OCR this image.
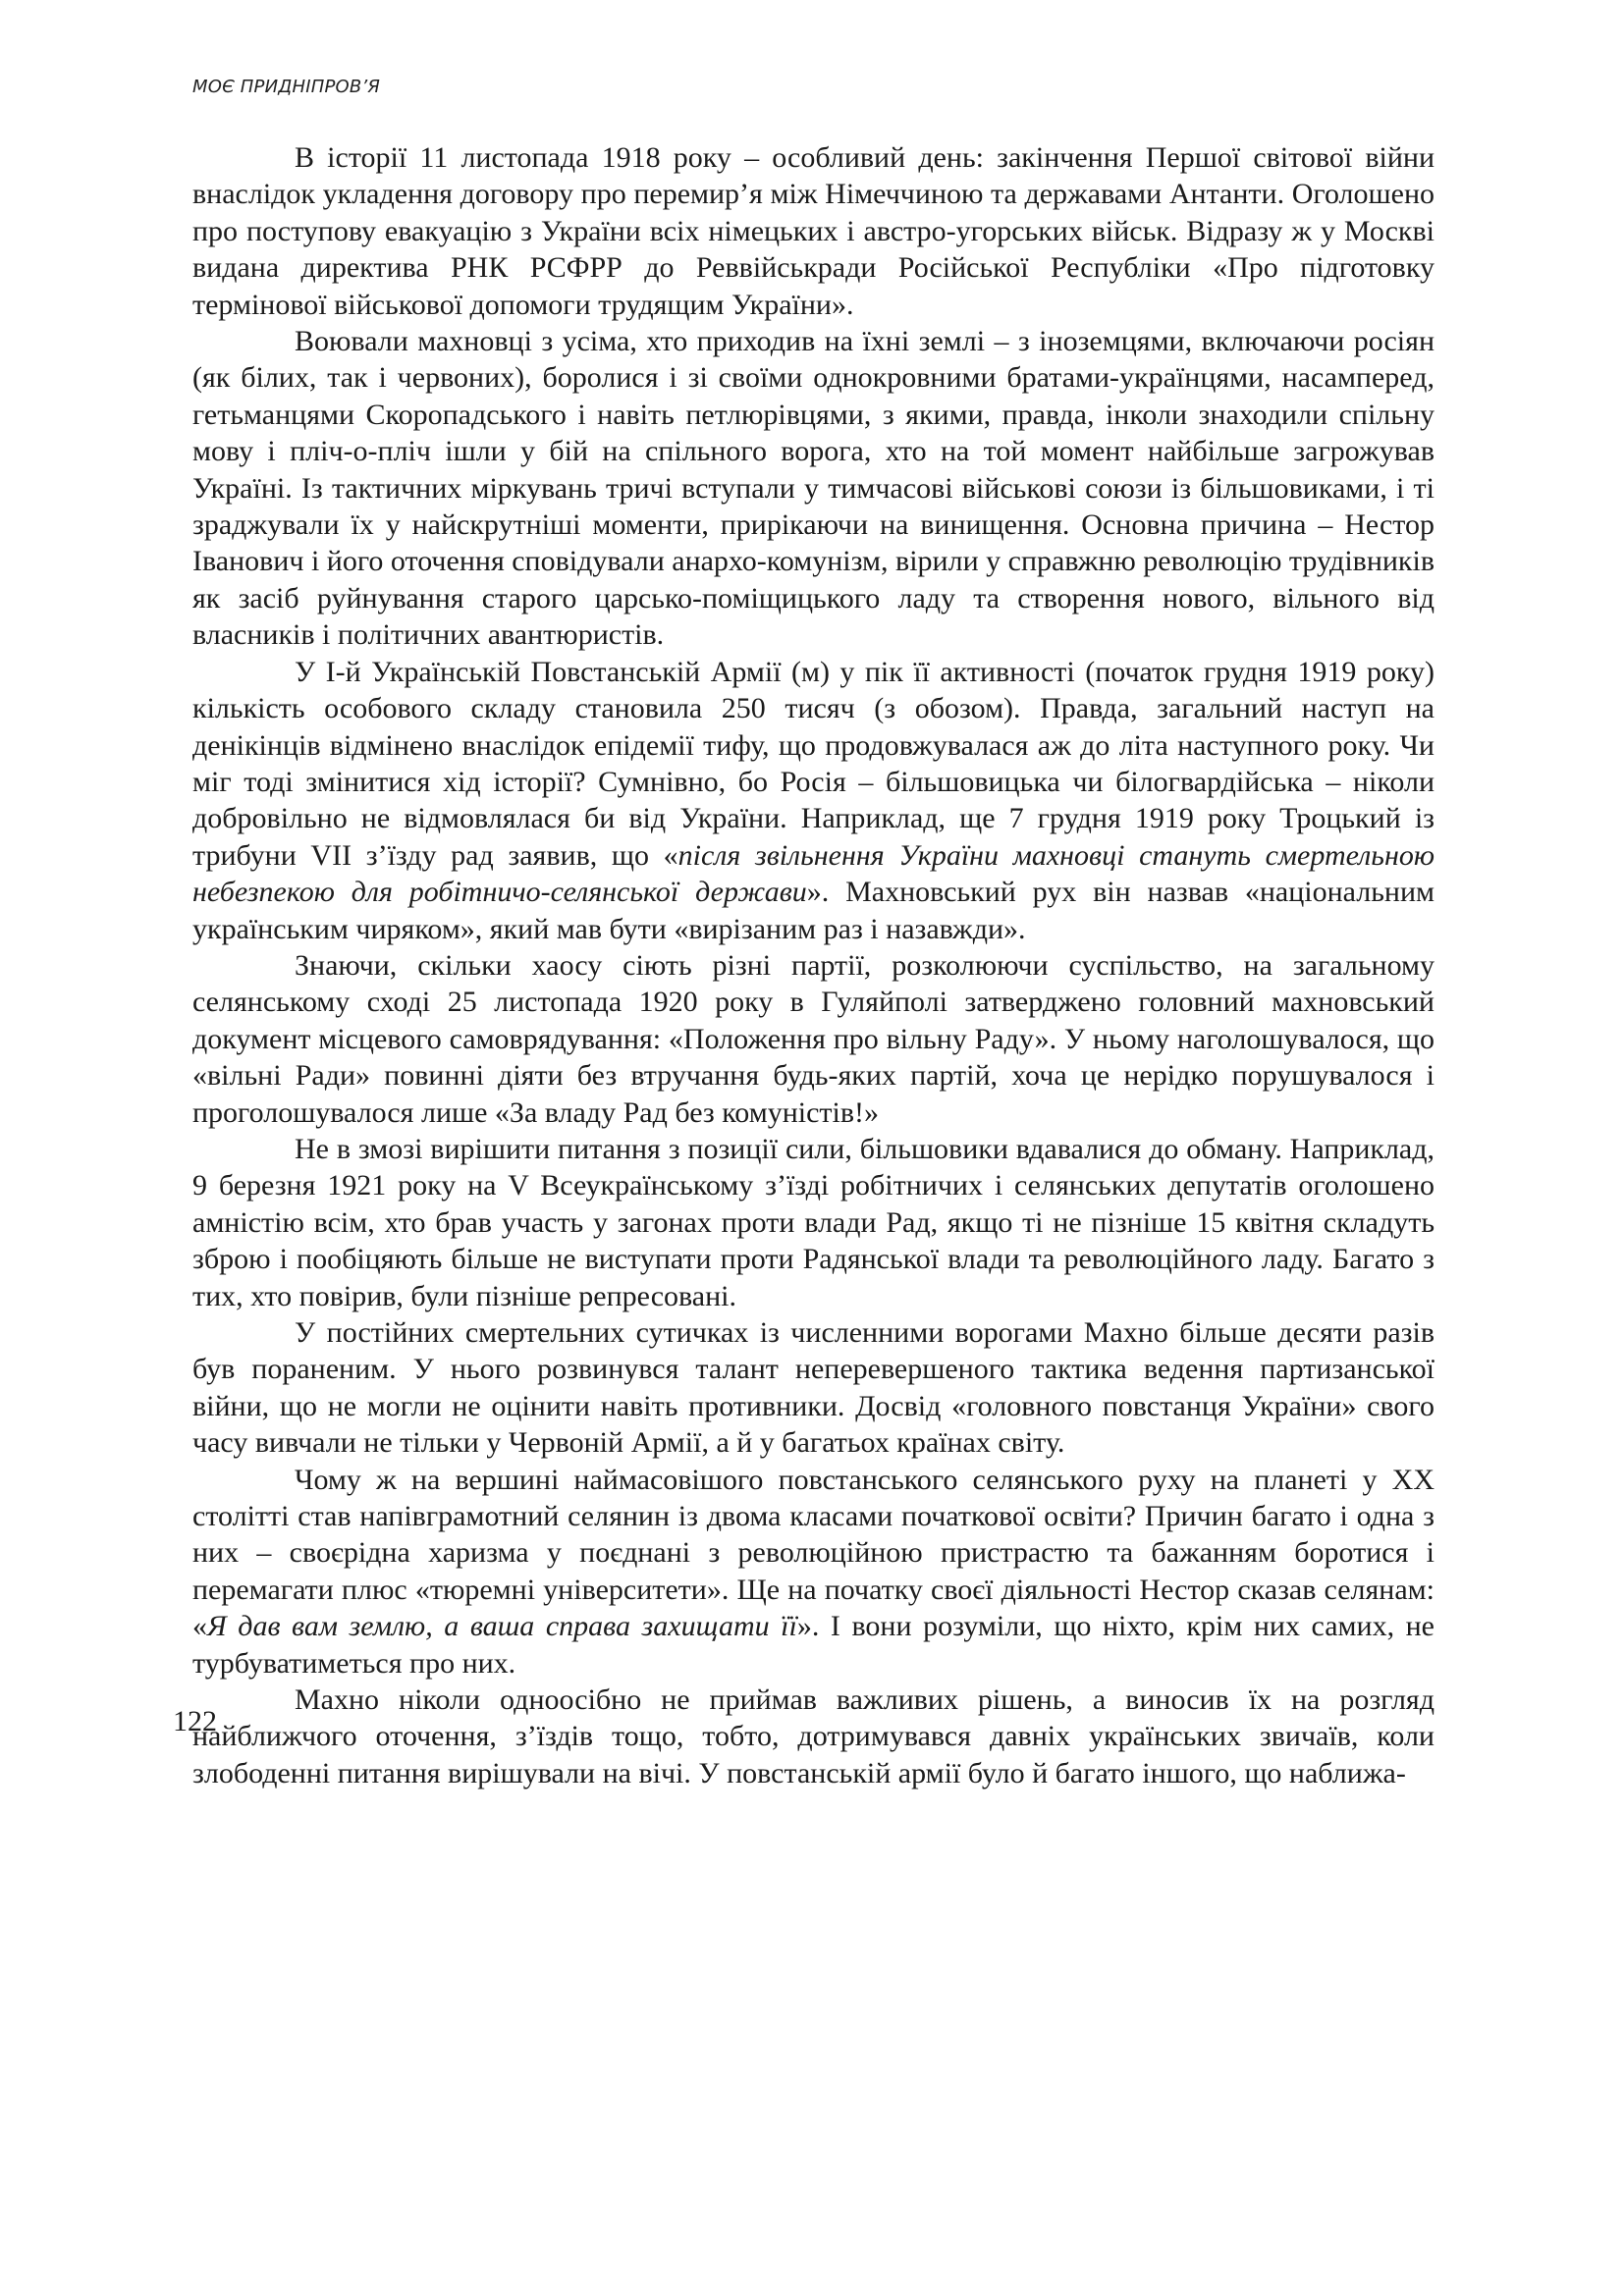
МОЄ ПРИДНІПРОВ’Я

В історії 11 листопада 1918 року – особливий день: закінчення Першої світової війни внаслідок укладення договору про перемир’я між Німеччиною та державами Антанти. Оголошено про поступову евакуацію з України всіх німецьких і австро-угорських військ. Відразу ж у Москві видана директива РНК РСФРР до Реввійськради Російської Республіки «Про підготовку термінової військової допомоги трудящим України».

Воювали махновці з усіма, хто приходив на їхні землі – з іноземцями, включаючи росіян (як білих, так і червоних), боролися і зі своїми однокровними братами-українцями, насамперед, гетьманцями Скоропадського і навіть петлюрівцями, з якими, правда, інколи знаходили спільну мову і пліч-о-пліч ішли у бій на спільного ворога, хто на той момент найбільше загрожував Україні. Із тактичних міркувань тричі вступали у тимчасові військові союзи із більшовиками, і ті зраджували їх у найскрутніші моменти, прирікаючи на винищення. Основна причина – Нестор Іванович і його оточення сповідували анархо-комунізм, вірили у справжню революцію трудівників як засіб руйнування старого царсько-поміщицького ладу та створення нового, вільного від власників і політичних авантюристів.

У І-й Українській Повстанській Армії (м) у пік її активності (початок грудня 1919 року) кількість особового складу становила 250 тисяч (з обозом). Правда, загальний наступ на денікінців відмінено внаслідок епідемії тифу, що продовжувалася аж до літа наступного року. Чи міг тоді змінитися хід історії? Сумнівно, бо Росія – більшовицька чи білогвардійська – ніколи добровільно не відмовлялася би від України. Наприклад, ще 7 грудня 1919 року Троцький із трибуни VII з’їзду рад заявив, що «після звільнення України махновці стануть смертельною небезпекою для робітничо-селянської держави». Махновський рух він назвав «національним українським чиряком», який мав бути «вирізаним раз і назавжди».

Знаючи, скільки хаосу сіють різні партії, розколюючи суспільство, на загальному селянському сході 25 листопада 1920 року в Гуляйполі затверджено головний махновський документ місцевого самоврядування: «Положення про вільну Раду». У ньому наголошувалося, що «вільні Ради» повинні діяти без втручання будь-яких партій, хоча це нерідко порушувалося і проголошувалося лише «За владу Рад без комуністів!»

Не в змозі вирішити питання з позиції сили, більшовики вдавалися до обману. Наприклад, 9 березня 1921 року на V Всеукраїнському з’їзді робітничих і селянських депутатів оголошено амністію всім, хто брав участь у загонах проти влади Рад, якщо ті не пізніше 15 квітня складуть зброю і пообіцяють більше не виступати проти Радянської влади та революційного ладу. Багато з тих, хто повірив, були пізніше репресовані.

У постійних смертельних сутичках із численними ворогами Махно більше десяти разів був пораненим. У нього розвинувся талант неперевершеного тактика ведення партизанської війни, що не могли не оцінити навіть противники. Досвід «головного повстанця України» свого часу вивчали не тільки у Червоній Армії, а й у багатьох країнах світу.

Чому ж на вершині наймасовішого повстанського селянського руху на планеті у XX столітті став напівграмотний селянин із двома класами початкової освіти? Причин багато і одна з них – своєрідна харизма у поєднані з революційною пристрастю та бажанням боротися і перемагати плюс «тюремні університети». Ще на початку своєї діяльності Нестор сказав селянам: «Я дав вам землю, а ваша справа захищати її». І вони розуміли, що ніхто, крім них самих, не турбуватиметься про них.

Махно ніколи одноосібно не приймав важливих рішень, а виносив їх на розгляд найближчого оточення, з’їздів тощо, тобто, дотримувався давніх українських звичаїв, коли злободенні питання вирішували на вічі. У повстанській армії було й багато іншого, що наближа-

122
